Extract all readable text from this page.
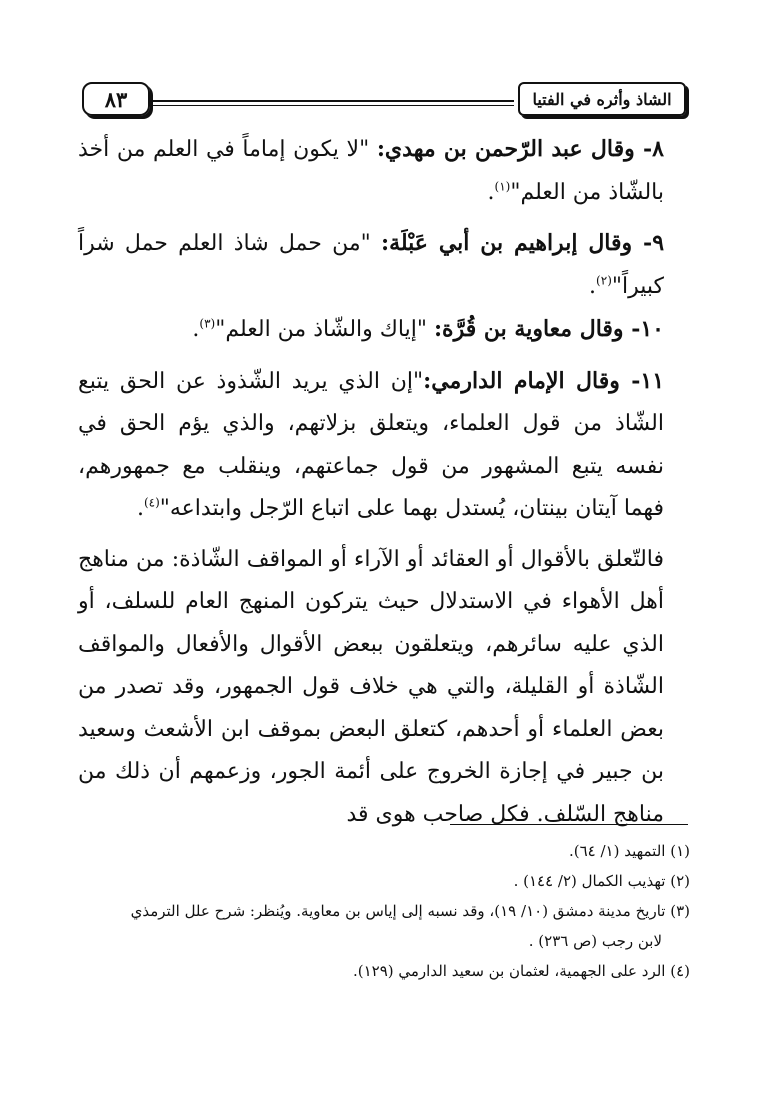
٨٣	الشاذ وأثره في الفتيا

٨- وقال عبد الرّحمن بن مهدي: "لا يكون إماماً في العلم من أخذ بالشّاذ من العلم"$^{(١)}$.

٩- وقال إبراهيم بن أبي عَبْلَة: "من حمل شاذ العلم حمل شراً كبيراً"$^{(٢)}$.

١٠- وقال معاوية بن قُرَّة: "إياك والشّاذ من العلم"$^{(٣)}$.

١١- وقال الإمام الدارمي:"إن الذي يريد الشّذوذ عن الحق يتبع الشّاذ من قول العلماء، ويتعلق بزلاتهم، والذي يؤم الحق في نفسه يتبع المشهور من قول جماعتهم، وينقلب مع جمهورهم، فهما آيتان بينتان، يُستدل بهما على اتباع الرّجل وابتداعه"$^{(٤)}$.

فالتّعلق بالأقوال أو العقائد أو الآراء أو المواقف الشّاذة: من مناهج أهل الأهواء في الاستدلال حيث يتركون المنهج العام للسلف، أو الذي عليه سائرهم، ويتعلقون ببعض الأقوال والأفعال والمواقف الشّاذة أو القليلة، والتي هي خلاف قول الجمهور، وقد تصدر من بعض العلماء أو أحدهم، كتعلق البعض بموقف ابن الأشعث وسعيد بن جبير في إجازة الخروج على أئمة الجور، وزعمهم أن ذلك من مناهج السّلف. فكل صاحب هوى قد

(١) التمهيد (١/ ٦٤).

(٢) تهذيب الكمال (٢/ ١٤٤) .

(٣) تاريخ مدينة دمشق (١٠/ ١٩)، وقد نسبه إلى إياس بن معاوية. ويُنظر: شرح علل الترمذي

لابن رجب (ص ٢٣٦) .

(٤) الرد على الجهمية، لعثمان بن سعيد الدارمي (١٢٩).
